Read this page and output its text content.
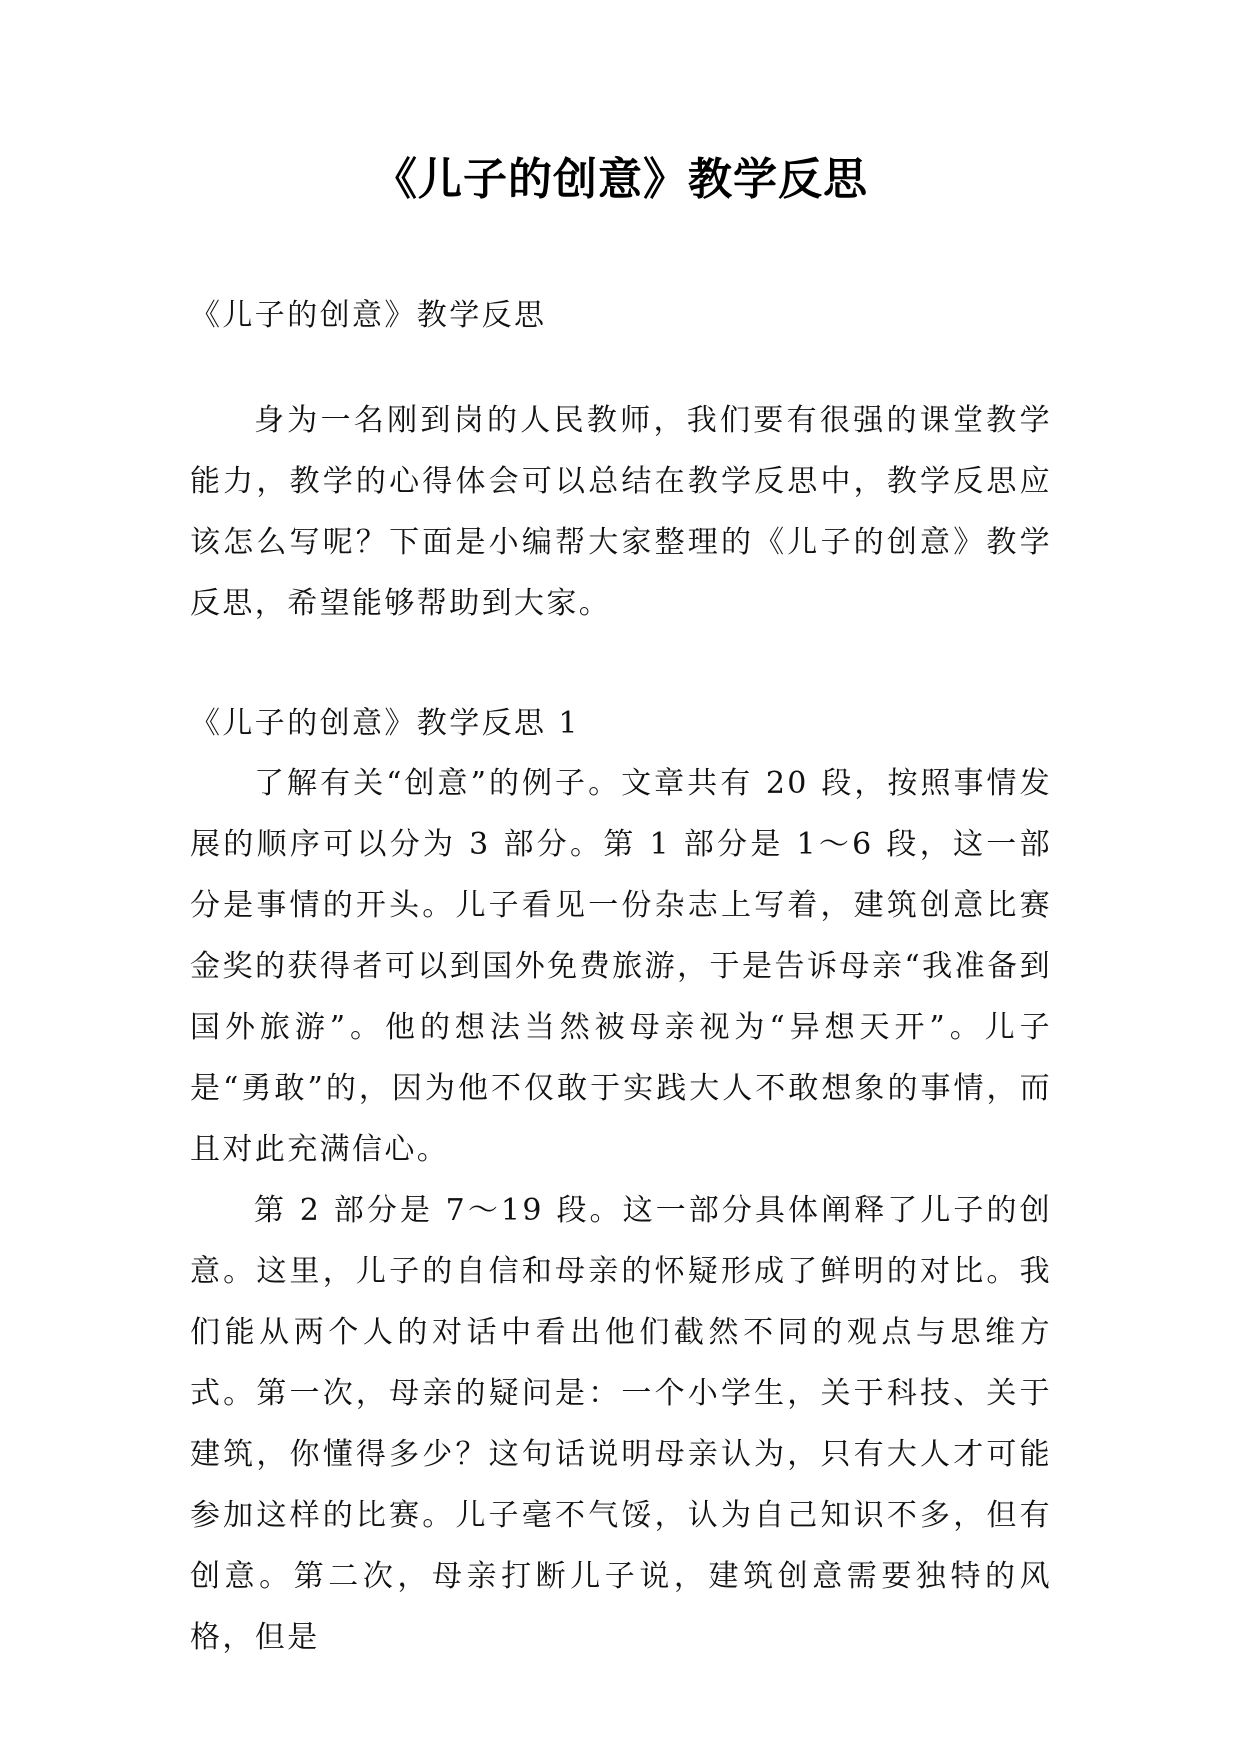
《儿子的创意》教学反思

《儿子的创意》教学反思

身为一名刚到岗的人民教师，我们要有很强的课堂教学能力，教学的心得体会可以总结在教学反思中，教学反思应该怎么写呢？下面是小编帮大家整理的《儿子的创意》教学反思，希望能够帮助到大家。

《儿子的创意》教学反思 1

了解有关“创意”的例子。文章共有 20 段，按照事情发展的顺序可以分为 3 部分。第 1 部分是 1～6 段，这一部分是事情的开头。儿子看见一份杂志上写着，建筑创意比赛金奖的获得者可以到国外免费旅游，于是告诉母亲“我准备到国外旅游”。他的想法当然被母亲视为“异想天开”。儿子是“勇敢”的，因为他不仅敢于实践大人不敢想象的事情，而且对此充满信心。

第 2 部分是 7～19 段。这一部分具体阐释了儿子的创意。这里，儿子的自信和母亲的怀疑形成了鲜明的对比。我们能从两个人的对话中看出他们截然不同的观点与思维方式。第一次，母亲的疑问是：一个小学生，关于科技、关于建筑，你懂得多少？这句话说明母亲认为，只有大人才可能参加这样的比赛。儿子毫不气馁，认为自己知识不多，但有创意。第二次，母亲打断儿子说，建筑创意需要独特的风格，但是
